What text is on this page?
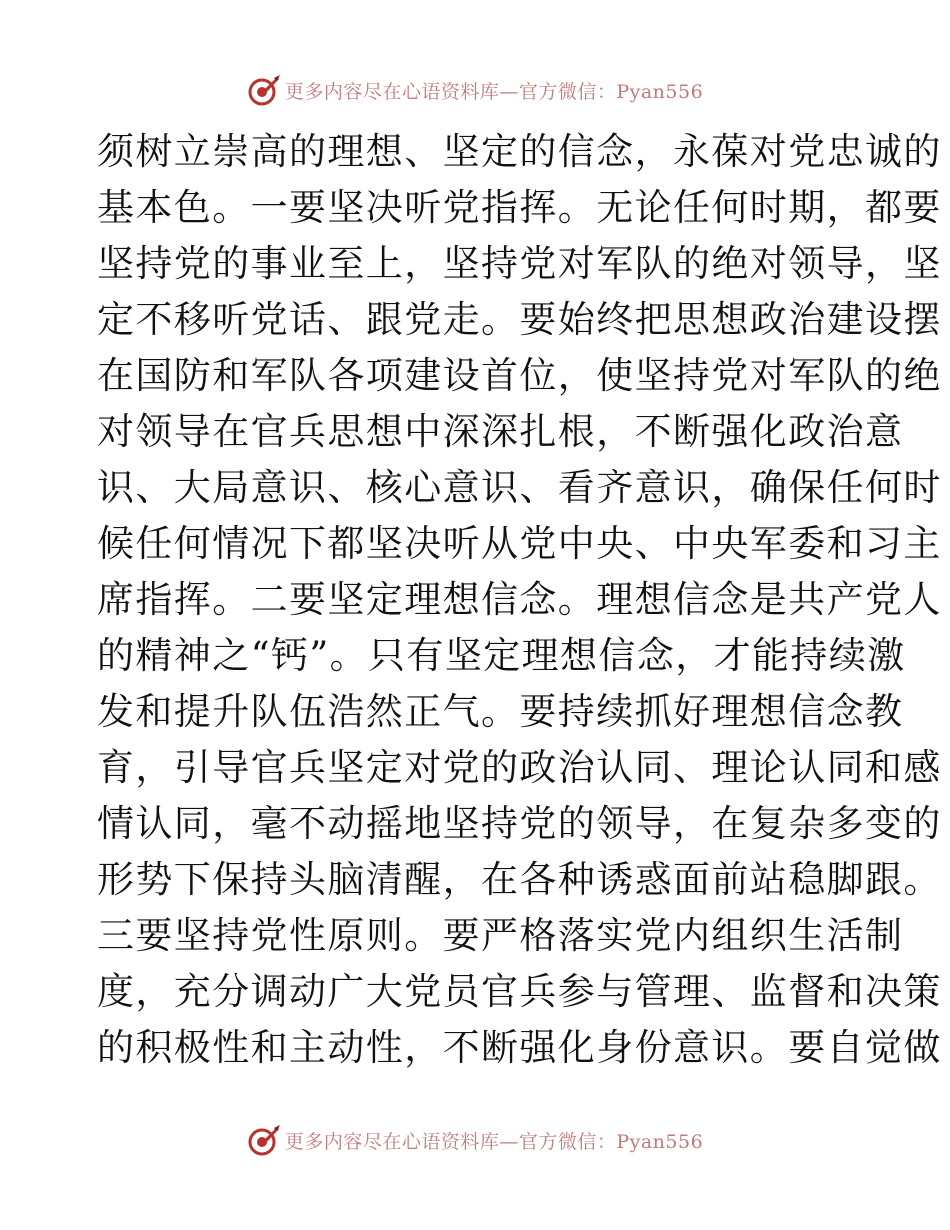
更多内容尽在心语资料库—官方微信：Pyan556
须树立崇高的理想、坚定的信念，永葆对党忠诚的
基本色。一要坚决听党指挥。无论任何时期，都要
坚持党的事业至上，坚持党对军队的绝对领导，坚
定不移听党话、跟党走。要始终把思想政治建设摆
在国防和军队各项建设首位，使坚持党对军队的绝
对领导在官兵思想中深深扎根，不断强化政治意
识、大局意识、核心意识、看齐意识，确保任何时
候任何情况下都坚决听从党中央、中央军委和习主
席指挥。二要坚定理想信念。理想信念是共产党人
的精神之“钙”。只有坚定理想信念，才能持续激
发和提升队伍浩然正气。要持续抓好理想信念教
育，引导官兵坚定对党的政治认同、理论认同和感
情认同，毫不动摇地坚持党的领导，在复杂多变的
形势下保持头脑清醒，在各种诱惑面前站稳脚跟。
三要坚持党性原则。要严格落实党内组织生活制
度，充分调动广大党员官兵参与管理、监督和决策
的积极性和主动性，不断强化身份意识。要自觉做
更多内容尽在心语资料库—官方微信：Pyan556
